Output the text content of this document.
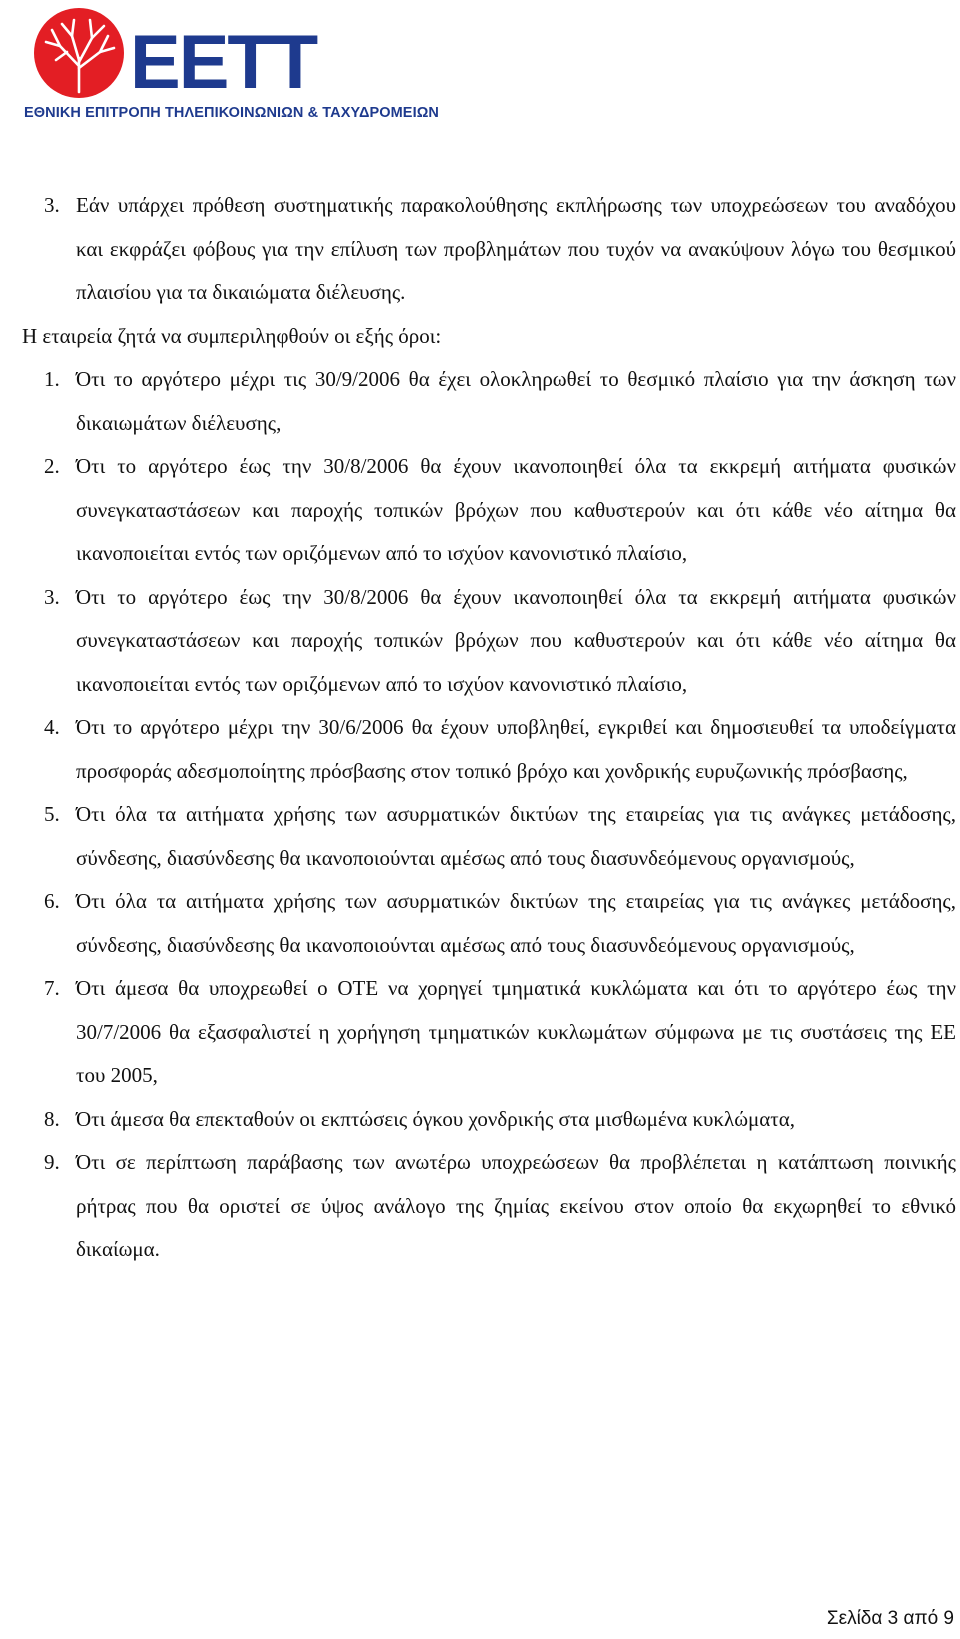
ΕΕΤΤ
ΕΘΝΙΚΗ ΕΠΙΤΡΟΠΗ ΤΗΛΕΠΙΚΟΙΝΩΝΙΩΝ & ΤΑΧΥΔΡΟΜΕΙΩΝ
3. Εάν υπάρχει πρόθεση συστηματικής παρακολούθησης εκπλήρωσης των υποχρεώσεων του αναδόχου και εκφράζει φόβους για την επίλυση των προβλημάτων που τυχόν να ανακύψουν λόγω του θεσμικού πλαισίου για τα δικαιώματα διέλευσης.
Η εταιρεία ζητά να συμπεριληφθούν οι εξής όροι:
1. Ότι το αργότερο μέχρι τις 30/9/2006 θα έχει ολοκληρωθεί το θεσμικό πλαίσιο για την άσκηση των δικαιωμάτων διέλευσης,
2. Ότι το αργότερο έως την 30/8/2006 θα έχουν ικανοποιηθεί όλα τα εκκρεμή αιτήματα φυσικών συνεγκαταστάσεων και παροχής τοπικών βρόχων που καθυστερούν και ότι κάθε νέο αίτημα θα ικανοποιείται εντός των οριζόμενων από το ισχύον κανονιστικό πλαίσιο,
3. Ότι το αργότερο έως την 30/8/2006 θα έχουν ικανοποιηθεί όλα τα εκκρεμή αιτήματα φυσικών συνεγκαταστάσεων και παροχής τοπικών βρόχων που καθυστερούν και ότι κάθε νέο αίτημα θα ικανοποιείται εντός των οριζόμενων από το ισχύον κανονιστικό πλαίσιο,
4. Ότι το αργότερο μέχρι την 30/6/2006 θα έχουν υποβληθεί, εγκριθεί και δημοσιευθεί τα υποδείγματα προσφοράς αδεσμοποίητης πρόσβασης στον τοπικό βρόχο και χονδρικής ευρυζωνικής πρόσβασης,
5. Ότι όλα τα αιτήματα χρήσης των ασυρματικών δικτύων της εταιρείας για τις ανάγκες μετάδοσης, σύνδεσης, διασύνδεσης θα ικανοποιούνται αμέσως από τους διασυνδεόμενους οργανισμούς,
6. Ότι όλα τα αιτήματα χρήσης των ασυρματικών δικτύων της εταιρείας για τις ανάγκες μετάδοσης, σύνδεσης, διασύνδεσης θα ικανοποιούνται αμέσως από τους διασυνδεόμενους οργανισμούς,
7. Ότι άμεσα θα υποχρεωθεί ο ΟΤΕ να χορηγεί τμηματικά κυκλώματα και ότι το αργότερο έως την 30/7/2006 θα εξασφαλιστεί η χορήγηση τμηματικών κυκλωμάτων σύμφωνα με τις συστάσεις της ΕΕ του 2005,
8. Ότι άμεσα θα επεκταθούν οι εκπτώσεις όγκου χονδρικής στα μισθωμένα κυκλώματα,
9. Ότι σε περίπτωση παράβασης των ανωτέρω υποχρεώσεων θα προβλέπεται η κατάπτωση ποινικής ρήτρας που θα οριστεί σε ύψος ανάλογο της ζημίας εκείνου στον οποίο θα εκχωρηθεί το εθνικό δικαίωμα.
Σελίδα 3 από 9
